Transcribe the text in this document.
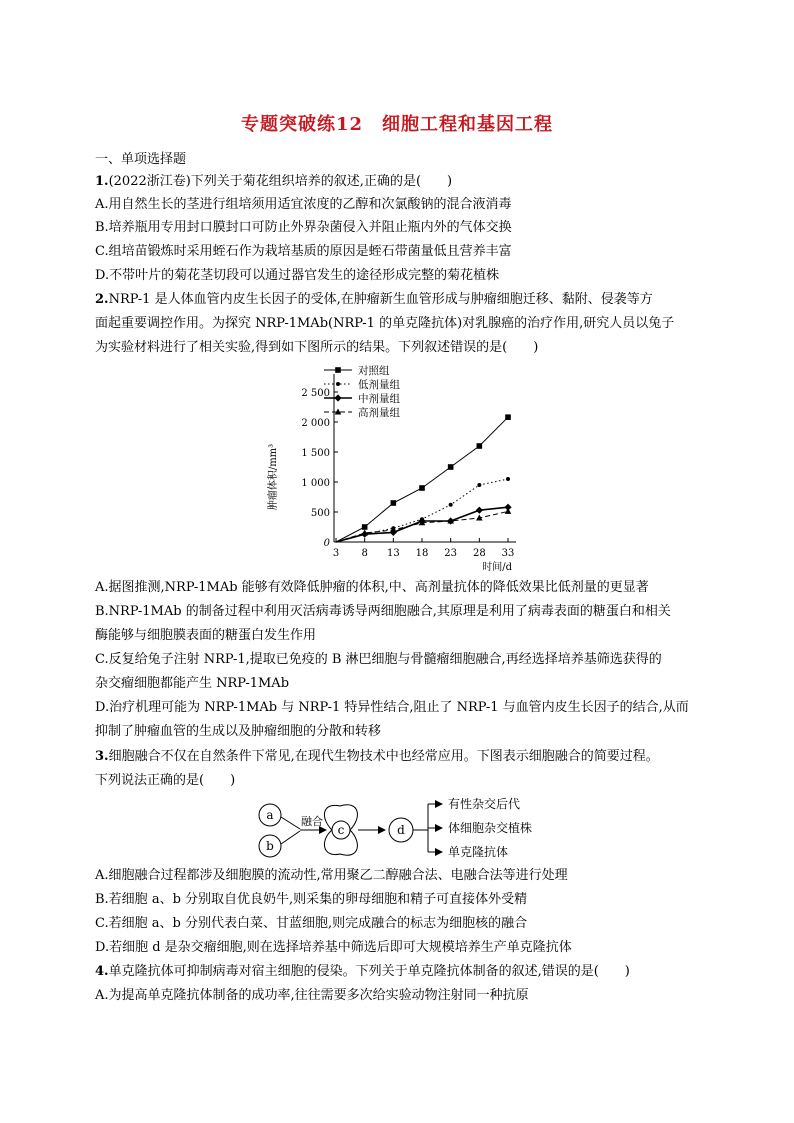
专题突破练12　细胞工程和基因工程
一、单项选择题
1.(2022浙江卷)下列关于菊花组织培养的叙述,正确的是(　　)
A.用自然生长的茎进行组培须用适宜浓度的乙醇和次氯酸钠的混合液消毒
B.培养瓶用专用封口膜封口可防止外界杂菌侵入并阻止瓶内外的气体交换
C.组培苗锻炼时采用蛭石作为栽培基质的原因是蛭石带菌量低且营养丰富
D.不带叶片的菊花茎切段可以通过器官发生的途径形成完整的菊花植株
2.NRP-1 是人体血管内皮生长因子的受体,在肿瘤新生血管形成与肿瘤细胞迁移、黏附、侵袭等方
面起重要调控作用。为探究 NRP-1MAb(NRP-1 的单克隆抗体)对乳腺癌的治疗作用,研究人员以兔子
为实验材料进行了相关实验,得到如下图所示的结果。下列叙述错误的是(　　)
0
500
1 000
1 500
2 000
2 500
3 8 13 18 23 28 33
时间/d
肿瘤体积/mm³
对照组
低剂量组
中剂量组
高剂量组
A.据图推测,NRP-1MAb 能够有效降低肿瘤的体积,中、高剂量抗体的降低效果比低剂量的更显著
B.NRP-1MAb 的制备过程中利用灭活病毒诱导两细胞融合,其原理是利用了病毒表面的糖蛋白和相关
酶能够与细胞膜表面的糖蛋白发生作用
C.反复给兔子注射 NRP-1,提取已免疫的 B 淋巴细胞与骨髓瘤细胞融合,再经选择培养基筛选获得的
杂交瘤细胞都能产生 NRP-1MAb
D.治疗机理可能为 NRP-1MAb 与 NRP-1 特异性结合,阻止了 NRP-1 与血管内皮生长因子的结合,从而
抑制了肿瘤血管的生成以及肿瘤细胞的分散和转移
3.细胞融合不仅在自然条件下常见,在现代生物技术中也经常应用。下图表示细胞融合的简要过程。
下列说法正确的是(　　)
a
b
融合
c	d
有性杂交后代
体细胞杂交植株
单克隆抗体
A.细胞融合过程都涉及细胞膜的流动性,常用聚乙二醇融合法、电融合法等进行处理
B.若细胞 a、b 分别取自优良奶牛,则采集的卵母细胞和精子可直接体外受精
C.若细胞 a、b 分别代表白菜、甘蓝细胞,则完成融合的标志为细胞核的融合
D.若细胞 d 是杂交瘤细胞,则在选择培养基中筛选后即可大规模培养生产单克隆抗体
4.单克隆抗体可抑制病毒对宿主细胞的侵染。下列关于单克隆抗体制备的叙述,错误的是(　　)
A.为提高单克隆抗体制备的成功率,往往需要多次给实验动物注射同一种抗原
